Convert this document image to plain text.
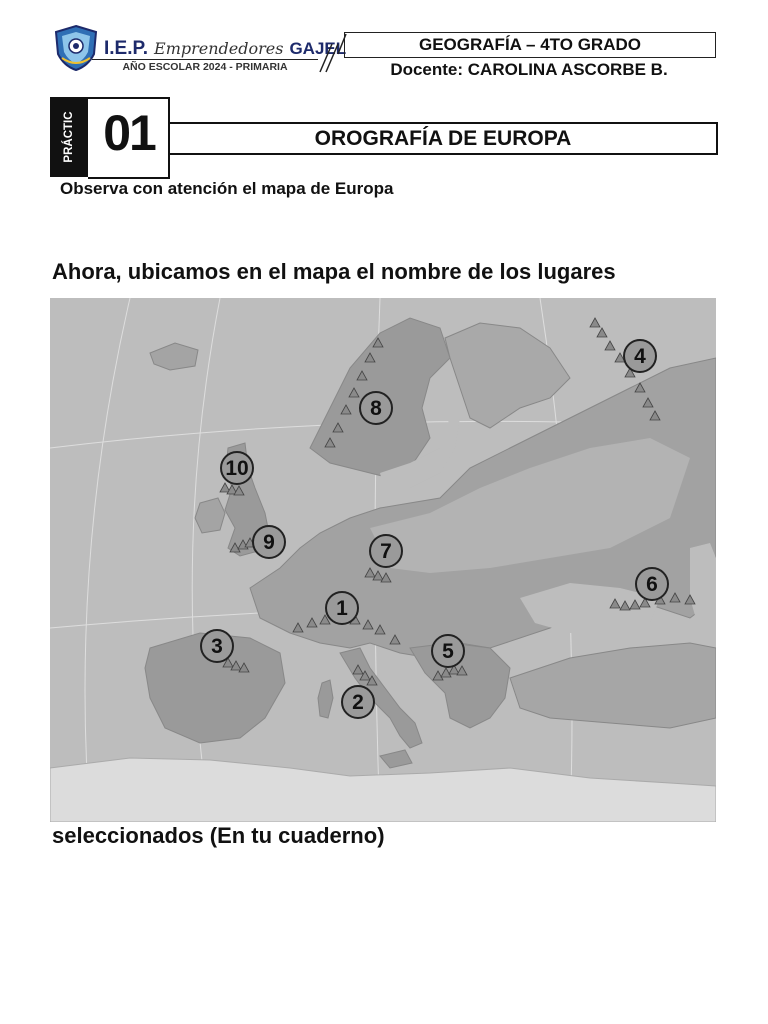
I.E.P. Emprendedores GAJEL
AÑO ESCOLAR 2024 - PRIMARIA
GEOGRAFÍA – 4TO GRADO
Docente: CAROLINA ASCORBE B.
PRÁCTIC 01	OROGRAFÍA DE EUROPA
Observa con atención el mapa de Europa
Ahora, ubicamos en el mapa el nombre de los lugares
1
2
3
4
5
6
7
8
9
10
seleccionados (En tu cuaderno)
